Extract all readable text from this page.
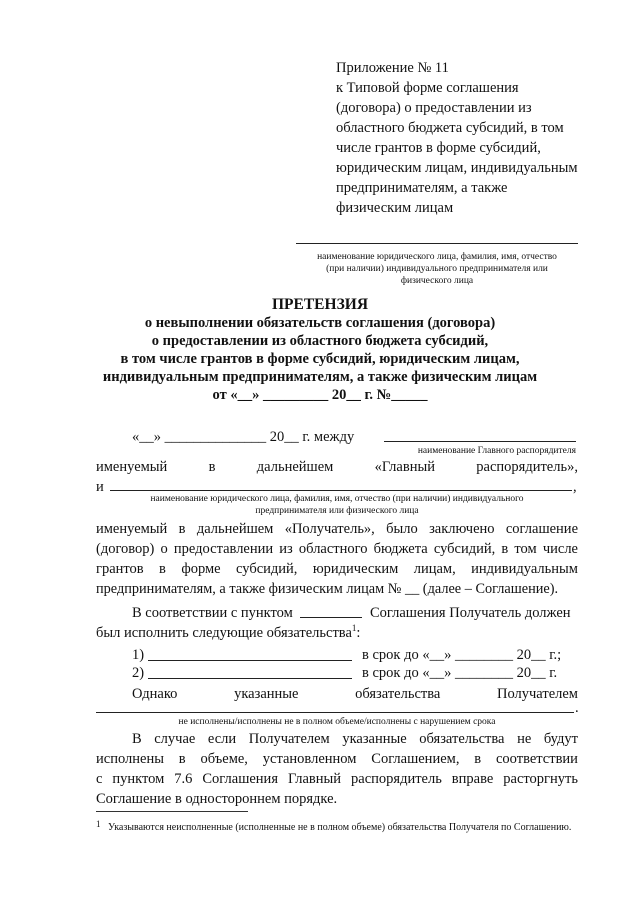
Приложение № 11
к Типовой форме соглашения
(договора) о предоставлении из
областного бюджета субсидий, в том
числе грантов в форме субсидий,
юридическим лицам, индивидуальным
предпринимателям, а также
физическим лицам
наименование юридического лица, фамилия, имя, отчество
(при наличии) индивидуального предпринимателя или
физического лица
ПРЕТЕНЗИЯ
о невыполнении обязательств соглашения (договора)
о предоставлении из областного бюджета субсидий,
в том числе грантов в форме субсидий, юридическим лицам,
индивидуальным предпринимателям, а также физическим лицам
от «__» _________ 20__ г. №_____
«__» ______________ 20__ г. между
наименование Главного распорядителя
именуемый	в	дальнейшем	«Главный	распорядитель»,
и	,
наименование юридического лица, фамилия, имя, отчество (при наличии) индивидуального
предпринимателя или физического лица
именуемый в дальнейшем «Получатель», было заключено соглашение
(договор) о предоставлении из областного бюджета субсидий, в том числе
грантов в форме субсидий, юридическим лицам, индивидуальным
предпринимателям, а также физическим лицам № __ (далее – Соглашение).
В соответствии с пунктом	Соглашения Получатель должен
был исполнить следующие обязательства$^1$:
1)	в срок до «__» ________ 20__ г.;
2)	в срок до «__» ________ 20__ г.
Однако	указанные	обязательства	Получателем
.
не исполнены/исполнены не в полном объеме/исполнены с нарушением срока
В случае если Получателем указанные обязательства не будут
исполнены в объеме, установленном Соглашением, в соответствии
с пунктом 7.6 Соглашения Главный распорядитель вправе расторгнуть
Соглашение в одностороннем порядке.
1 Указываются неисполненные (исполненные не в полном объеме) обязательства Получателя по Соглашению.
